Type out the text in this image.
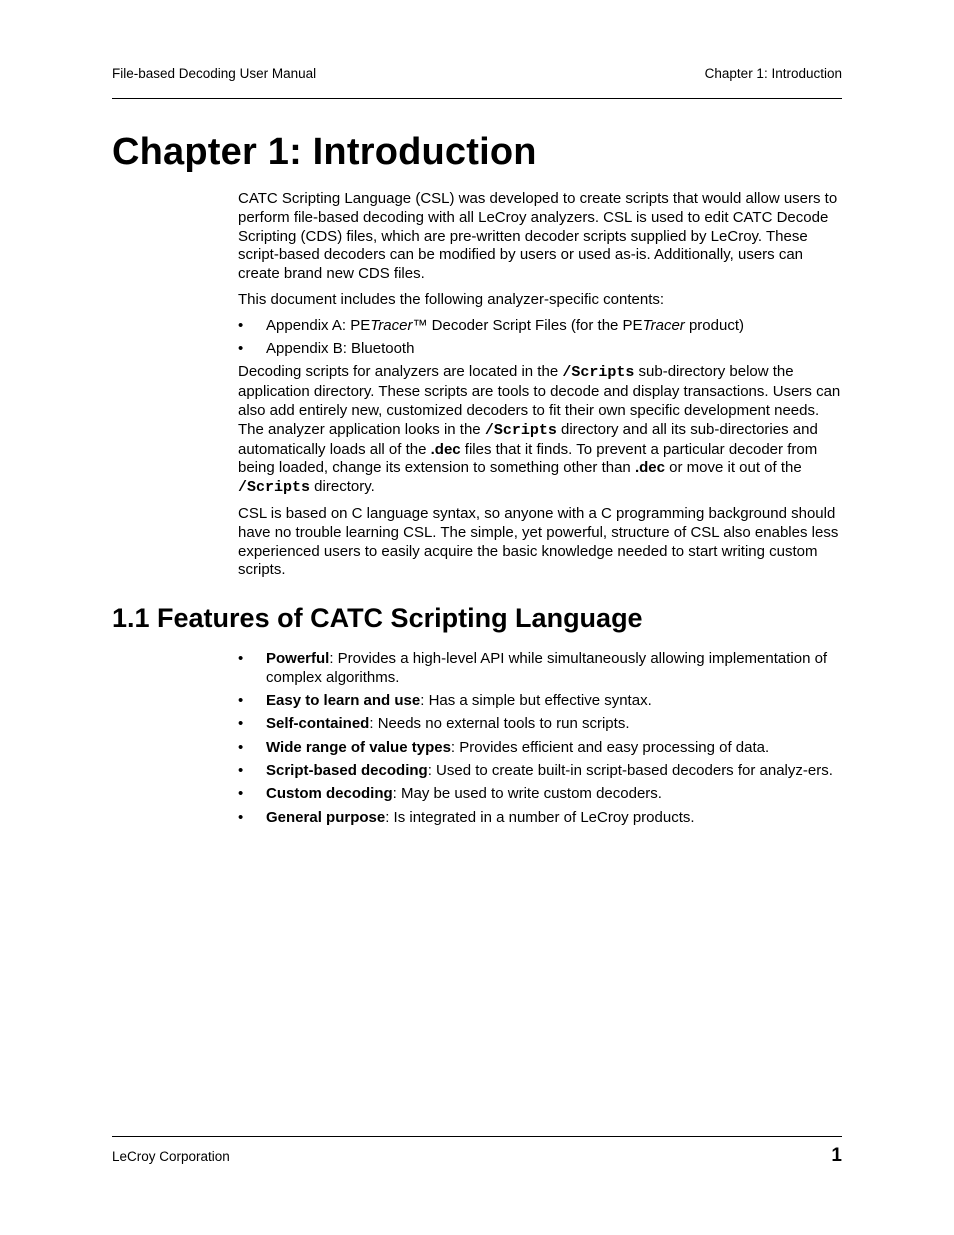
File-based Decoding User Manual	Chapter 1: Introduction
Chapter 1: Introduction

CATC Scripting Language (CSL) was developed to create scripts that would allow users to perform file-based decoding with all LeCroy analyzers. CSL is used to edit CATC Decode Scripting (CDS) files, which are pre-written decoder scripts supplied by LeCroy. These script-based decoders can be modified by users or used as-is. Additionally, users can create brand new CDS files.

This document includes the following analyzer-specific contents:

• Appendix A: PETracer™ Decoder Script Files (for the PETracer product)
• Appendix B: Bluetooth

Decoding scripts for analyzers are located in the /Scripts sub-directory below the application directory. These scripts are tools to decode and display transactions. Users can also add entirely new, customized decoders to fit their own specific development needs. The analyzer application looks in the /Scripts directory and all its sub-directories and automatically loads all of the .dec files that it finds. To prevent a particular decoder from being loaded, change its extension to something other than .dec or move it out of the /Scripts directory.

CSL is based on C language syntax, so anyone with a C programming background should have no trouble learning CSL. The simple, yet powerful, structure of CSL also enables less experienced users to easily acquire the basic knowledge needed to start writing custom scripts.

1.1 Features of CATC Scripting Language
• Powerful: Provides a high-level API while simultaneously allowing implementation of complex algorithms.
• Easy to learn and use: Has a simple but effective syntax.
• Self-contained: Needs no external tools to run scripts.
• Wide range of value types: Provides efficient and easy processing of data.
• Script-based decoding: Used to create built-in script-based decoders for analyz-ers.
• Custom decoding: May be used to write custom decoders.
• General purpose: Is integrated in a number of LeCroy products.
LeCroy Corporation	1
